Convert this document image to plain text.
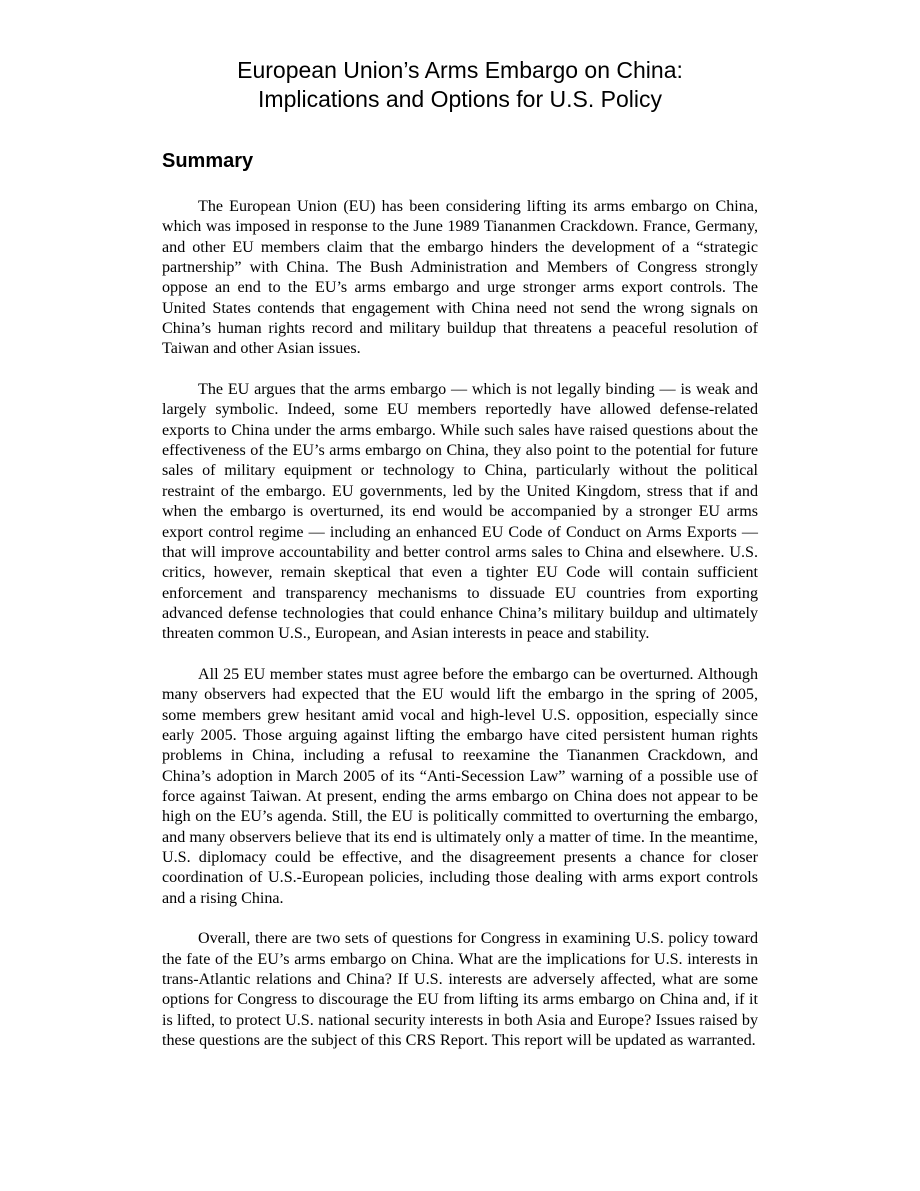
European Union’s Arms Embargo on China:
Implications and Options for U.S. Policy
Summary

The European Union (EU) has been considering lifting its arms embargo on China, which was imposed in response to the June 1989 Tiananmen Crackdown. France, Germany, and other EU members claim that the embargo hinders the development of a “strategic partnership” with China. The Bush Administration and Members of Congress strongly oppose an end to the EU’s arms embargo and urge stronger arms export controls. The United States contends that engagement with China need not send the wrong signals on China’s human rights record and military buildup that threatens a peaceful resolution of Taiwan and other Asian issues.

The EU argues that the arms embargo — which is not legally binding — is weak and largely symbolic. Indeed, some EU members reportedly have allowed defense-related exports to China under the arms embargo. While such sales have raised questions about the effectiveness of the EU’s arms embargo on China, they also point to the potential for future sales of military equipment or technology to China, particularly without the political restraint of the embargo. EU governments, led by the United Kingdom, stress that if and when the embargo is overturned, its end would be accompanied by a stronger EU arms export control regime — including an enhanced EU Code of Conduct on Arms Exports — that will improve accountability and better control arms sales to China and elsewhere. U.S. critics, however, remain skeptical that even a tighter EU Code will contain sufficient enforcement and transparency mechanisms to dissuade EU countries from exporting advanced defense technologies that could enhance China’s military buildup and ultimately threaten common U.S., European, and Asian interests in peace and stability.

All 25 EU member states must agree before the embargo can be overturned. Although many observers had expected that the EU would lift the embargo in the spring of 2005, some members grew hesitant amid vocal and high-level U.S. opposition, especially since early 2005. Those arguing against lifting the embargo have cited persistent human rights problems in China, including a refusal to reexamine the Tiananmen Crackdown, and China’s adoption in March 2005 of its “Anti-Secession Law” warning of a possible use of force against Taiwan. At present, ending the arms embargo on China does not appear to be high on the EU’s agenda. Still, the EU is politically committed to overturning the embargo, and many observers believe that its end is ultimately only a matter of time. In the meantime, U.S. diplomacy could be effective, and the disagreement presents a chance for closer coordination of U.S.-European policies, including those dealing with arms export controls and a rising China.

Overall, there are two sets of questions for Congress in examining U.S. policy toward the fate of the EU’s arms embargo on China. What are the implications for U.S. interests in trans-Atlantic relations and China? If U.S. interests are adversely affected, what are some options for Congress to discourage the EU from lifting its arms embargo on China and, if it is lifted, to protect U.S. national security interests in both Asia and Europe? Issues raised by these questions are the subject of this CRS Report. This report will be updated as warranted.
